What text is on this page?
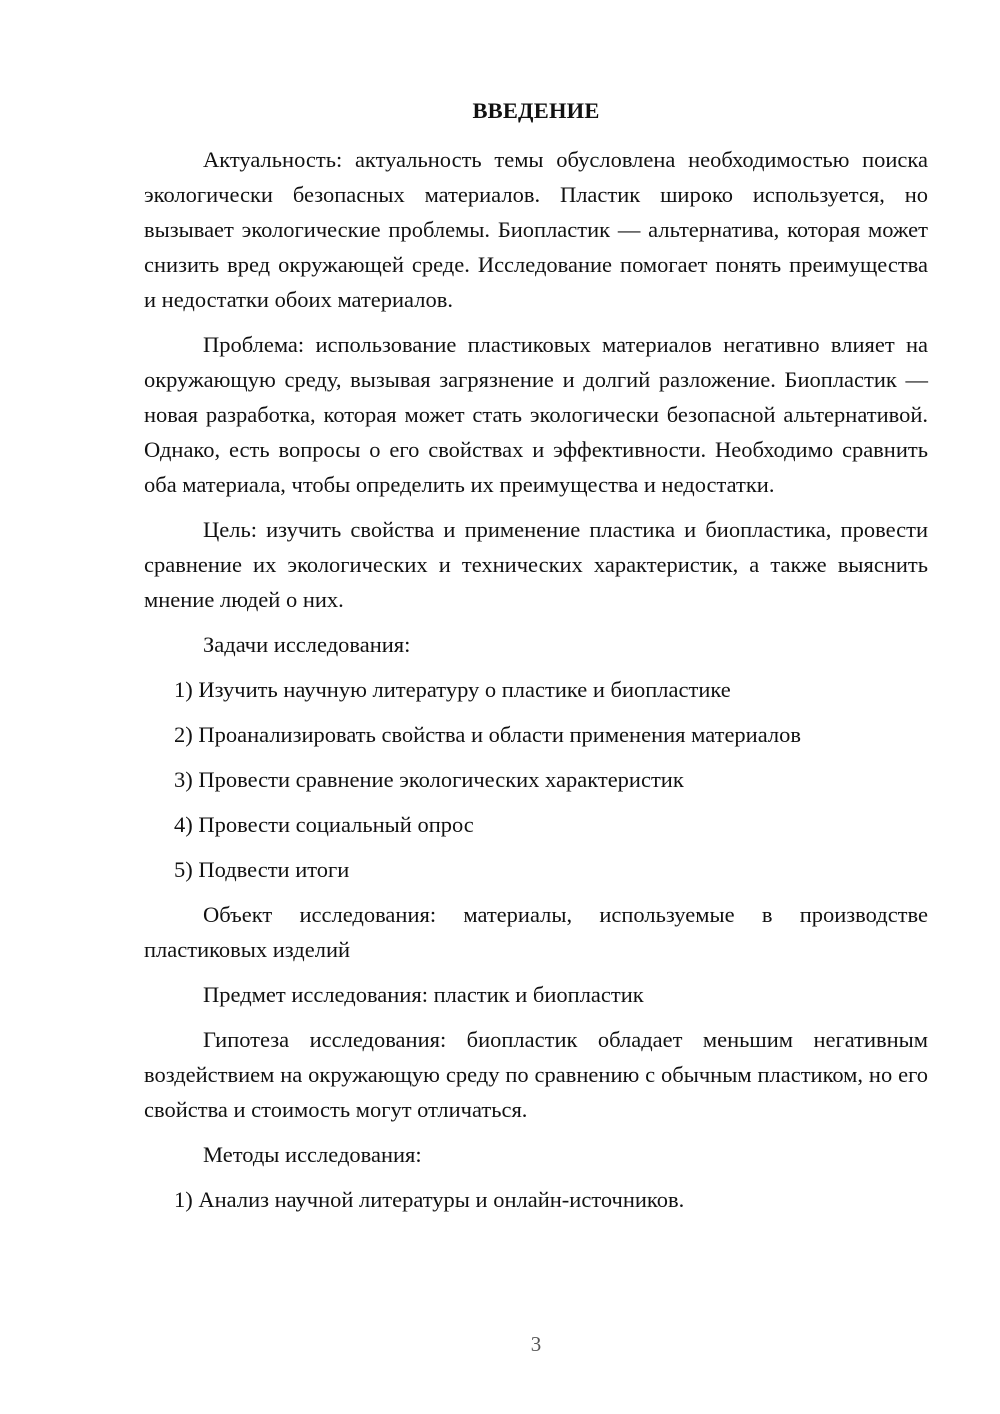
ВВЕДЕНИЕ

Актуальность: актуальность темы обусловлена необходимостью поиска экологически безопасных материалов. Пластик широко используется, но вызывает экологические проблемы. Биопластик — альтернатива, которая может снизить вред окружающей среде. Исследование помогает понять преимущества и недостатки обоих материалов.

Проблема: использование пластиковых материалов негативно влияет на окружающую среду, вызывая загрязнение и долгий разложение. Биопластик — новая разработка, которая может стать экологически безопасной альтернативой. Однако, есть вопросы о его свойствах и эффективности. Необходимо сравнить оба материала, чтобы определить их преимущества и недостатки.

Цель: изучить свойства и применение пластика и биопластика, провести сравнение их экологических и технических характеристик, а также выяснить мнение людей о них.

Задачи исследования:

1) Изучить научную литературу о пластике и биопластике
2) Проанализировать свойства и области применения материалов
3) Провести сравнение экологических характеристик
4) Провести социальный опрос
5) Подвести итоги

Объект исследования: материалы, используемые в производстве пластиковых изделий

Предмет исследования: пластик и биопластик

Гипотеза исследования: биопластик обладает меньшим негативным воздействием на окружающую среду по сравнению с обычным пластиком, но его свойства и стоимость могут отличаться.

Методы исследования:

1) Анализ научной литературы и онлайн-источников.
3
